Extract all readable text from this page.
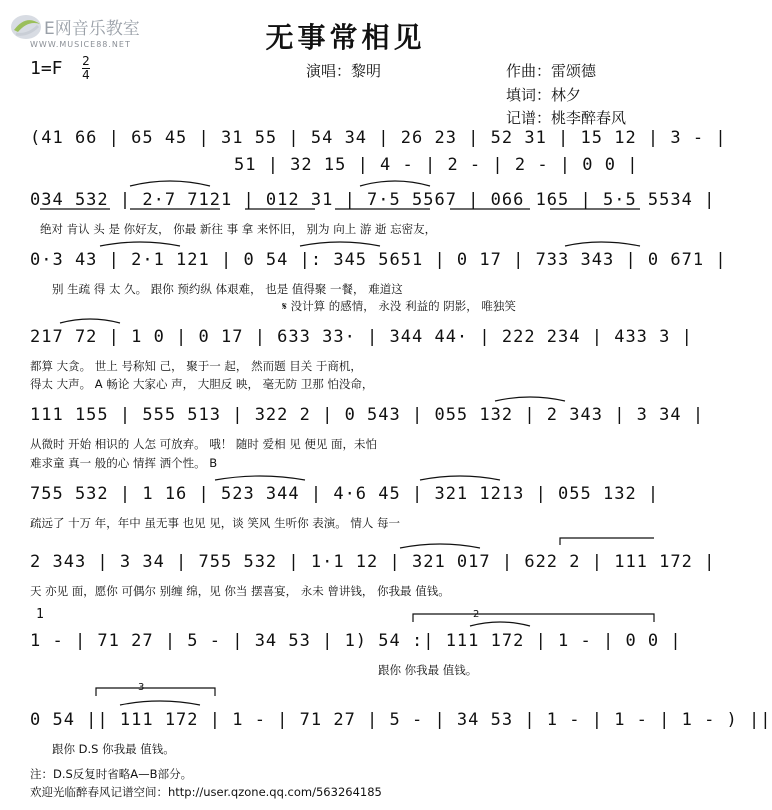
E网音乐教室
WWW.MUSICE88.NET	无事常相见
1=F 2
4	演唱：黎明	作曲：雷颂德
填词：林夕
记谱：桃李醉春风
(41 66 | 65 45 | 31 55 | 54 34 | 26 23 | 52 31 | 15 12 | 3 - |
51 | 32 15 | 4 - | 2 - | 2 - | 0 0 |
034 532 | 2·7 7121 | 012 31 | 7·5 5567 | 066 165 | 5·5 5534 |
绝对 肯认 头 是 你好友， 你最 新往 事 拿 来怀旧， 别为 向上 游 逝 忘密友，
0·3 43 | 2·1 121 | 0 54 |: 345 5651 | 0 17 | 733 343 | 0 671 |
别 生疏 得 太 久。 跟你 预约纵 体艰难， 也是 值得聚 一餐， 难道这
𝄋 没计算 的感情， 永没 利益的 阴影， 唯独笑
217 72 | 1 0 | 0 17 | 633 33· | 344 44· | 222 234 | 433 3 |
都算 大贪。 世上 号称知 己， 聚于一 起， 然而题 目关 于商机，
得太 大声。 A 畅论 大家心 声， 大胆反 映， 毫无防 卫那 怕没命，
111 155 | 555 513 | 322 2 | 0 543 | 055 132 | 2 343 | 3 34 |
从微时 开始 相识的 人怎 可放弃。 哦！ 随时 爱相 见 便见 面，未怕
难求童 真一 般的心 情挥 洒个性。 B
755 532 | 1 16 | 523 344 | 4·6 45 | 321 1213 | 055 132 |
疏远了 十万 年，年中 虽无事 也见 见，谈 笑风 生听你 表演。 情人 每一
2 343 | 3 34 | 755 532 | 1·1 12 | 321 017 | 622 2 | 111 172 |
天 亦见 面，愿你 可偶尔 别缠 绵，见 你当 摆喜宴， 永未 曾讲钱， 你我最 值钱。
1 - | 71 27 | 5 - | 34 53 | 1) 54 :| 111 172 | 1 - | 0 0 |
跟你 你我最 值钱。
0 54 || 111 172 | 1 - | 71 27 | 5 - | 34 53 | 1 - | 1 - | 1 - ) ||
跟你 D.S 你我最 值钱。
1	2
3
注：D.S反复时省略A—B部分。
欢迎光临醉春风记谱空间：http://user.qzone.qq.com/563264185
